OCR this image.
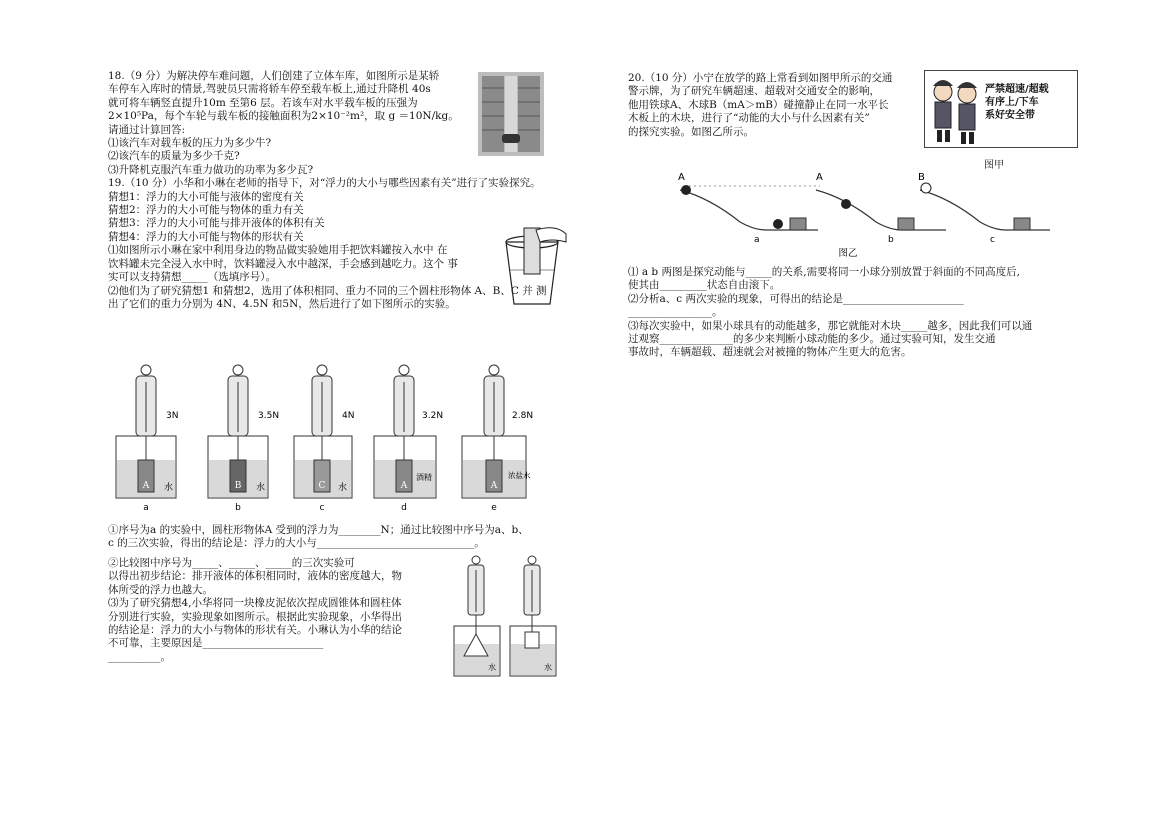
18.（9 分）为解决停车难问题，人们创建了立体车库，如图所示是某轿

车停车入库时的情景,驾驶员只需将轿车停至载车板上,通过升降机 40s

就可将车辆竖直提升10m 至第6 层。若该车对水平载车板的压强为

2×10⁵Pa，每个车轮与载车板的接触面积为2×10⁻²m²，取 g ＝10N/kg。

请通过计算回答:

⑴该汽车对载车板的压力为多少牛?

⑵该汽车的质量为多少千克?

⑶升降机克服汽车重力做功的功率为多少瓦?

19.（10 分）小华和小琳在老师的指导下，对“浮力的大小与哪些因素有关”进行了实验探究。

猜想1：浮力的大小可能与液体的密度有关

猜想2：浮力的大小可能与物体的重力有关

猜想3：浮力的大小可能与排开液体的体积有关

猜想4：浮力的大小可能与物体的形状有关

⑴如图所示小琳在家中利用身边的物品做实验她用手把饮料罐按入水中 在

饮料罐未完全浸入水中时，饮料罐浸入水中越深，手会感到越吃力。这个 事

实可以支持猜想_____（选填序号）。

⑵他们为了研究猜想1 和猜想2，选用了体积相同、重力不同的三个圆柱形物体 A、B、C 并 测

出了它们的重力分别为 4N、4.5N 和5N，然后进行了如下图所示的实验。

A 水
3N
a
B 水
3.5N
b
C 水
4N
c
A
酒精
3.2N
d
A
浓盐水
2.8N
e

①序号为a 的实验中，圆柱形物体A 受到的浮力为________N；通过比较图中序号为a、b、

c 的三次实验，得出的结论是：浮力的大小与______________________________。

②比较图中序号为_____、_____、_____的三次实验可

以得出初步结论：排开液体的体积相同时，液体的密度越大，物

体所受的浮力也越大。

⑶为了研究猜想4,小华将同一块橡皮泥依次捏成圆锥体和圆柱体

分别进行实验，实验现象如图所示。根据此实验现象，小华得出

的结论是：浮力的大小与物体的形状有关。小琳认为小华的结论

不可靠，主要原因是_______________________

__________。

水	水

20.（10 分）小宁在放学的路上常看到如图甲所示的交通

警示牌，为了研究车辆超速、超载对交通安全的影响，

他用铁球A、木球B（mA＞mB）碰撞静止在同一水平长

木板上的木块，进行了“动能的大小与什么因素有关”

的探究实验。如图乙所示。

严禁超速/超载
有序上/下车
系好安全带
图甲
A
a
A
b
B
c
图乙

⑴ a b 两图是探究动能与_____的关系,需要将同一小球分别放置于斜面的不同高度后,

使其由_________状态自由滚下。

⑵分析a、c 两次实验的现象，可得出的结论是_______________________

________________。

⑶每次实验中，如果小球具有的动能越多，那它就能对木块_____越多，因此我们可以通

过观察______________的多少来判断小球动能的多少。通过实验可知，发生交通

事故时，车辆超载、超速就会对被撞的物体产生更大的危害。
